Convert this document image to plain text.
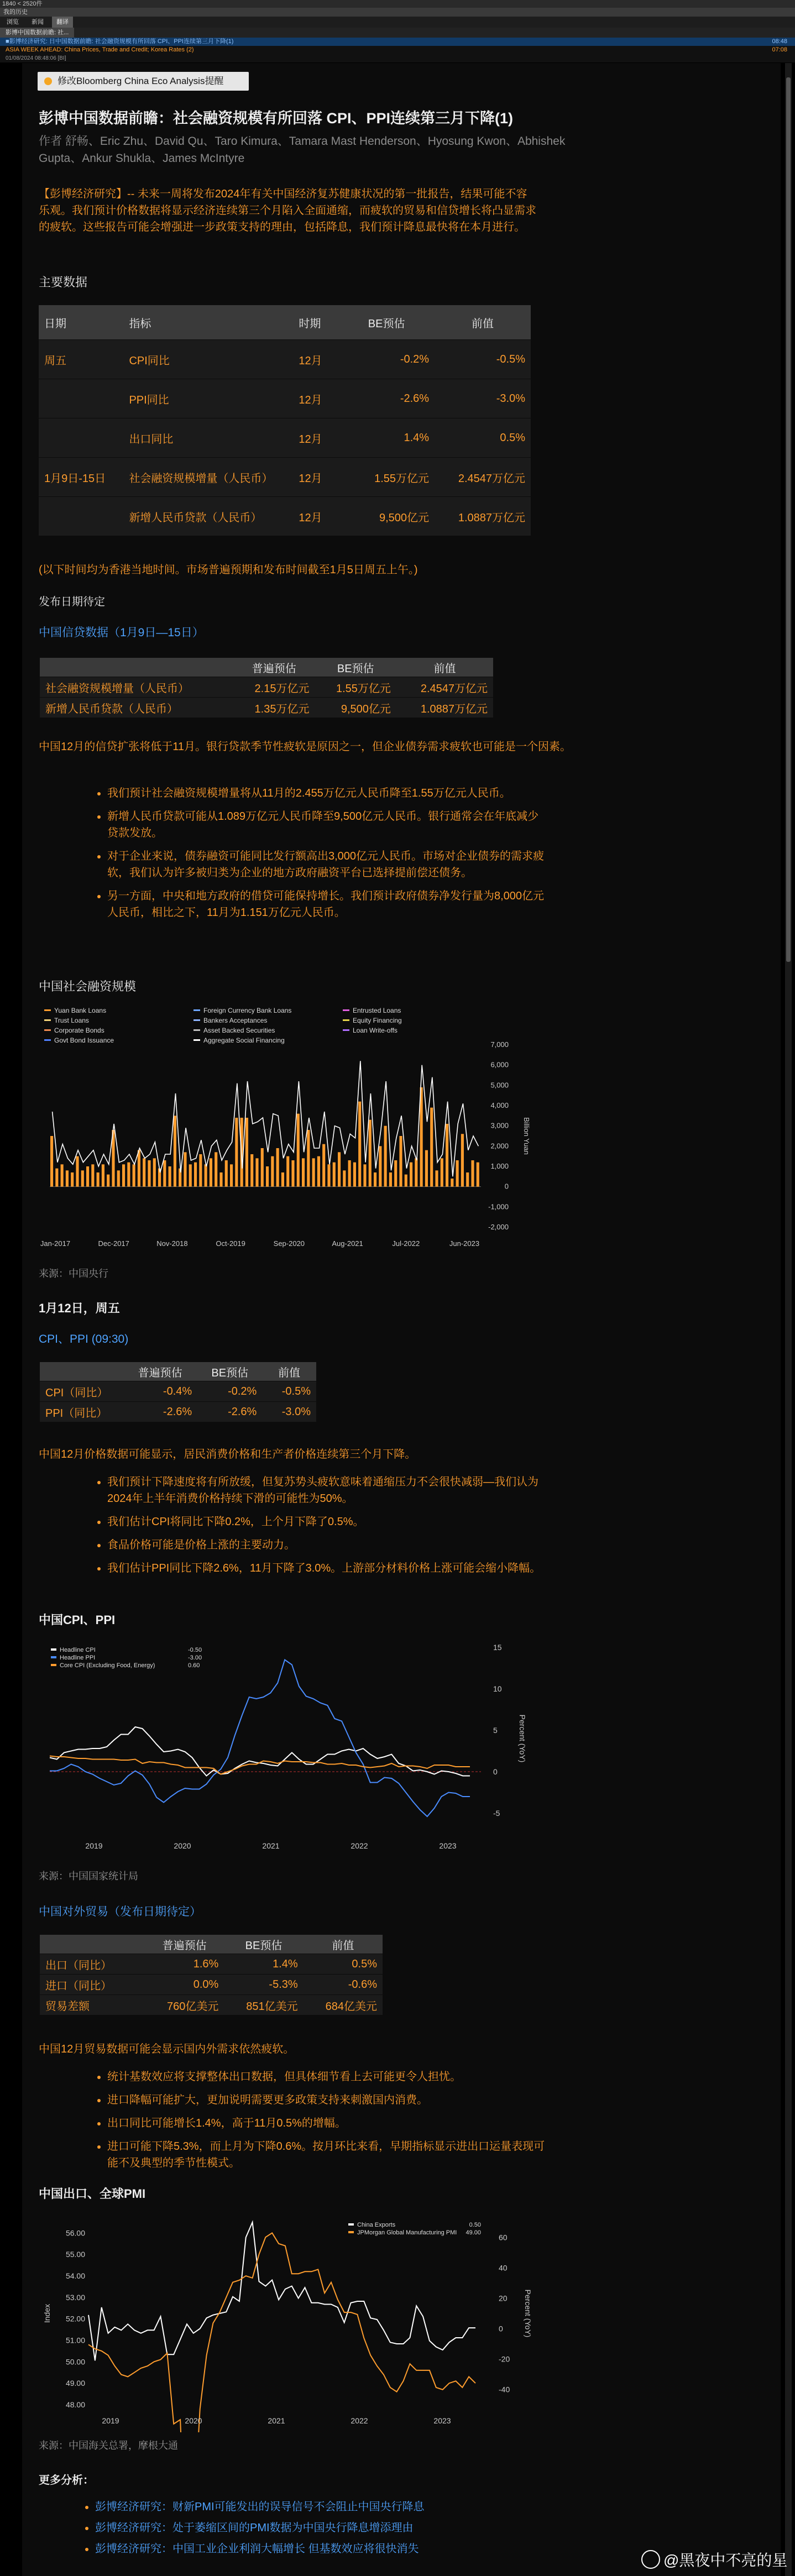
1840 < 2520件
我的历史
浏览 新闻 翻译
影博中国数据前瞻: 社...
■影博经济研究: 日中国数据前瞻: 社会融资规模有所回落 CPI、PPI连续第三月下降(1)	08:48
ASIA WEEK AHEAD: China Prices, Trade and Credit; Korea Rates (2)	07:08
01/08/2024 08:48:06 [BI]
修改Bloomberg China Eco Analysis提醒
彭博中国数据前瞻：社会融资规模有所回落 CPI、PPI连续第三月下降(1)
作者 舒畅、Eric Zhu、David Qu、Taro Kimura、Tamara Mast Henderson、Hyosung Kwon、Abhishek Gupta、Ankur Shukla、James McIntyre
【彭博经济研究】-- 未来一周将发布2024年有关中国经济复苏健康状况的第一批报告，结果可能不容乐观。我们预计价格数据将显示经济连续第三个月陷入全面通缩，而疲软的贸易和信贷增长将凸显需求的疲软。这些报告可能会增强进一步政策支持的理由，包括降息，我们预计降息最快将在本月进行。
主要数据
日期	指标	时期	BE预估	前值
周五	CPI同比	12月	-0.2%	-0.5%
	PPI同比	12月	-2.6%	-3.0%
	出口同比	12月	1.4%	0.5%
1月9日-15日	社会融资规模增量（人民币）	12月	1.55万亿元	2.4547万亿元
	新增人民币贷款（人民币）	12月	9,500亿元	1.0887万亿元
(以下时间均为香港当地时间。市场普遍预期和发布时间截至1月5日周五上午。)
发布日期待定
中国信贷数据（1月9日—15日）
	普遍预估	BE预估	前值
社会融资规模增量（人民币）	2.15万亿元	1.55万亿元	2.4547万亿元
新增人民币贷款（人民币）	1.35万亿元	9,500亿元	1.0887万亿元
中国12月的信贷扩张将低于11月。银行贷款季节性疲软是原因之一，但企业债券需求疲软也可能是一个因素。
• 我们预计社会融资规模增量将从11月的2.455万亿元人民币降至1.55万亿元人民币。
• 新增人民币贷款可能从1.089万亿元人民币降至9,500亿元人民币。银行通常会在年底减少贷款发放。
• 对于企业来说，债券融资可能同比发行额高出3,000亿元人民币。市场对企业债券的需求疲软，我们认为许多被归类为企业的地方政府融资平台已选择提前偿还债务。
• 另一方面，中央和地方政府的借贷可能保持增长。我们预计政府债券净发行量为8,000亿元人民币，相比之下，11月为1.151万亿元人民币。
中国社会融资规模
Yuan Bank Loans	Foreign Currency Bank Loans	Entrusted Loans
Trust Loans	Bankers Acceptances	Equity Financing
Corporate Bonds	Asset Backed Securities	Loan Write-offs
Govt Bond Issuance	Aggregate Social Financing	7,000
6,000
5,000
4,000
3,000
2,000
1,000
0
-1,000
-2,000
Billion Yuan
Jan-2017	Dec-2017	Nov-2018	Oct-2019	Sep-2020	Aug-2021	Jul-2022	Jun-2023
来源：中国央行
1月12日，周五
CPI、PPI (09:30)
	普遍预估	BE预估	前值
CPI（同比）	-0.4%	-0.2%	-0.5%
PPI（同比）	-2.6%	-2.6%	-3.0%
中国12月价格数据可能显示，居民消费价格和生产者价格连续第三个月下降。
• 我们预计下降速度将有所放缓，但复苏势头疲软意味着通缩压力不会很快减弱—我们认为2024年上半年消费价格持续下滑的可能性为50%。
• 我们估计CPI将同比下降0.2%，上个月下降了0.5%。
• 食品价格可能是价格上涨的主要动力。
• 我们估计PPI同比下降2.6%，11月下降了3.0%。上游部分材料价格上涨可能会缩小降幅。
中国CPI、PPI
Headline CPI	-0.50
Headline PPI	-3.00
Core CPI (Excluding Food, Energy)	0.60
15
10
5
0
-5
Percent (YoY)
2019	2020	2021	2022	2023
来源：中国国家统计局
中国对外贸易（发布日期待定）
	普遍预估	BE预估	前值
出口（同比）	1.6%	1.4%	0.5%
进口（同比）	0.0%	-5.3%	-0.6%
贸易差额	760亿美元	851亿美元	684亿美元
中国12月贸易数据可能会显示国内外需求依然疲软。
• 统计基数效应将支撑整体出口数据，但具体细节看上去可能更令人担忧。
• 进口降幅可能扩大，更加说明需要更多政策支持来刺激国内消费。
• 出口同比可能增长1.4%，高于11月0.5%的增幅。
• 进口可能下降5.3%，而上月为下降0.6%。按月环比来看，早期指标显示进出口运量表现可能不及典型的季节性模式。
中国出口、全球PMI
China Exports	0.50
JPMorgan Global Manufacturing PMI 49.00
56.00
55.00
54.00
53.00
52.00
51.00
50.00
49.00
48.00
60
40
20
0
-20
-40
Index	Percent (YoY)
2019	2020	2021	2022	2023
来源：中国海关总署，摩根大通
更多分析：
• 彭博经济研究：财新PMI可能发出的误导信号不会阻止中国央行降息
• 彭博经济研究：处于萎缩区间的PMI数据为中国央行降息增添理由
• 彭博经济研究：中国工业企业利润大幅增长 但基数效应将很快消失
@黑夜中不亮的星
